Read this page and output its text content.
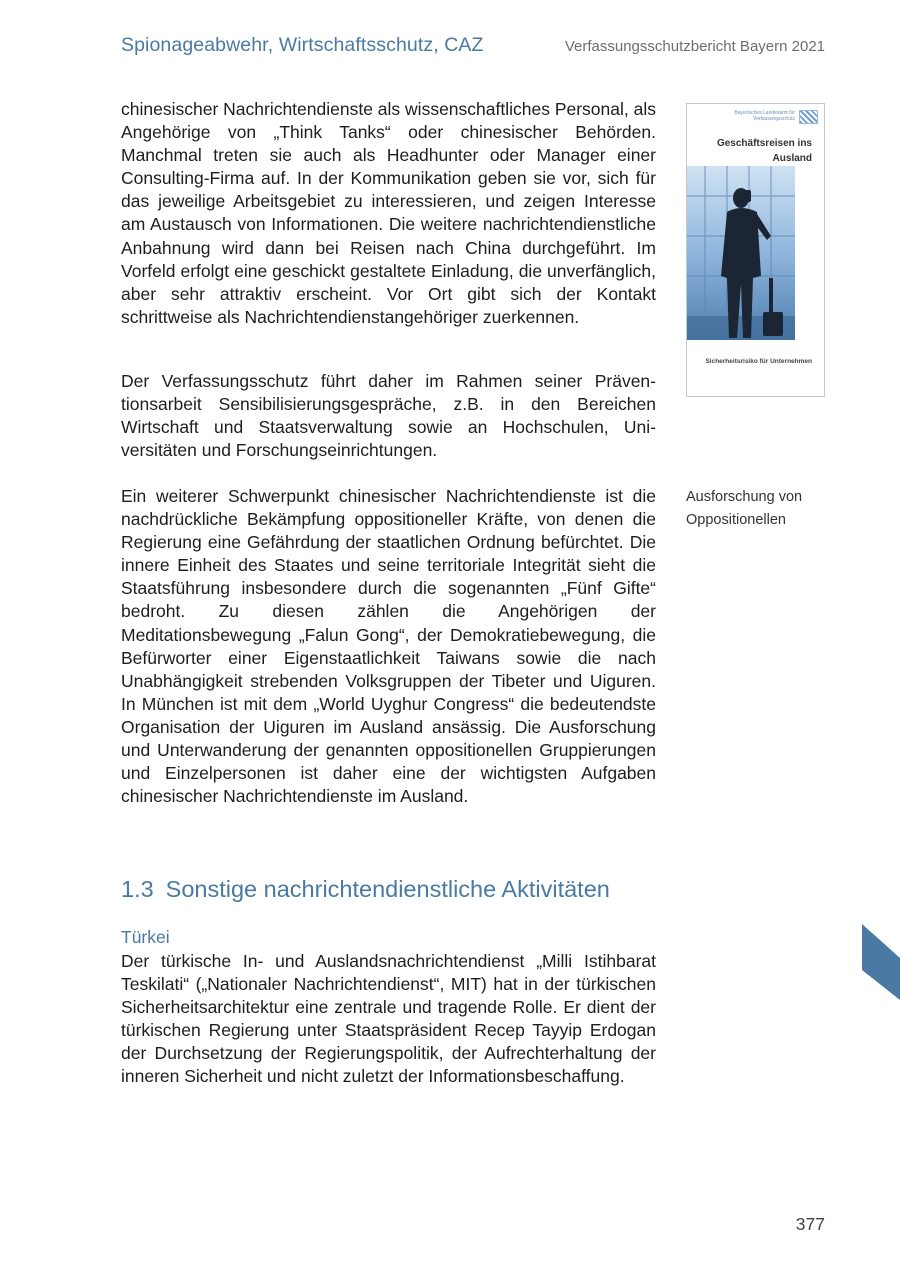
Spionageabwehr, Wirtschaftsschutz, CAZ	Verfassungsschutzbericht Bayern 2021

chinesischer Nachrichtendienste als wissenschaftliches Personal, als Angehörige von „Think Tanks“ oder chinesischer Behörden. Manchmal treten sie auch als Headhunter oder Manager einer Consulting-Firma auf. In der Kommunikation geben sie vor, sich für das jeweilige Arbeitsgebiet zu interessieren, und zeigen Interesse am Austausch von Informationen. Die weitere nachrichtendienstliche Anbahnung wird dann bei Reisen nach China durchgeführt. Im Vorfeld erfolgt eine geschickt gestaltete Einladung, die unverfänglich, aber sehr attraktiv erscheint. Vor Ort gibt sich der Kontakt schrittweise als Nachrichtendienstangehöriger zuerkennen.

Der Verfassungsschutz führt daher im Rahmen seiner Präventionsarbeit Sensibilisierungsgespräche, z.B. in den Bereichen Wirtschaft und Staatsverwaltung sowie an Hochschulen, Universitäten und Forschungseinrichtungen.

Ein weiterer Schwerpunkt chinesischer Nachrichtendienste ist die nachdrückliche Bekämpfung oppositioneller Kräfte, von denen die Regierung eine Gefährdung der staatlichen Ordnung befürchtet. Die innere Einheit des Staates und seine territoriale Integrität sieht die Staatsführung insbesondere durch die sogenannten „Fünf Gifte“ bedroht. Zu diesen zählen die Angehörigen der Meditationsbewegung „Falun Gong“, der Demokratiebewegung, die Befürworter einer Eigenstaatlichkeit Taiwans sowie die nach Unabhängigkeit strebenden Volksgruppen der Tibeter und Uiguren. In München ist mit dem „World Uyghur Congress“ die bedeutendste Organisation der Uiguren im Ausland ansässig. Die Ausforschung und Unterwanderung der genannten oppositionellen Gruppierungen und Einzelpersonen ist daher eine der wichtigsten Aufgaben chinesischer Nachrichtendienste im Ausland.

Bayerisches Landesamt für Verfassungsschutz
Geschäftsreisen ins Ausland
Sicherheitsrisiko für Unternehmen
Ausforschung von Oppositionellen
1.3 Sonstige nachrichtendienstliche Aktivitäten
Türkei

Der türkische In- und Auslandsnachrichtendienst „Milli Istihbarat Teskilati“ („Nationaler Nachrichtendienst“, MIT) hat in der türkischen Sicherheitsarchitektur eine zentrale und tragende Rolle. Er dient der türkischen Regierung unter Staatspräsident Recep Tayyip Erdogan der Durchsetzung der Regierungspolitik, der Aufrechterhaltung der inneren Sicherheit und nicht zuletzt der Informationsbeschaffung.

377
